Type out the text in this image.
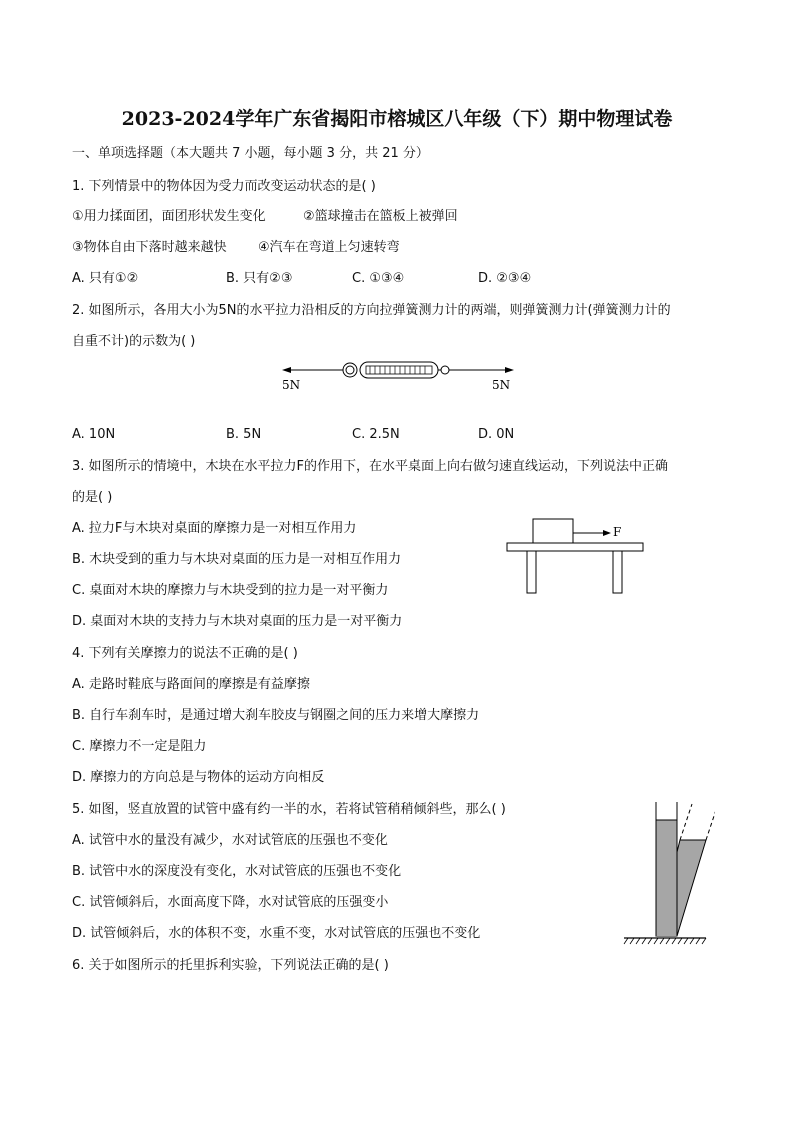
2023-2024学年广东省揭阳市榕城区八年级（下）期中物理试卷
一、单项选择题（本大题共 7 小题，每小题 3 分，共 21 分）
1. 下列情景中的物体因为受力而改变运动状态的是( )
①用力揉面团，面团形状发生变化	②篮球撞击在篮板上被弹回
③物体自由下落时越来越快 ④汽车在弯道上匀速转弯
A. 只有①②	B. 只有②③	C. ①③④	D. ②③④
2. 如图所示，各用大小为5N的水平拉力沿相反的方向拉弹簧测力计的两端，则弹簧测力计(弹簧测力计的
自重不计)的示数为( )
5N	5N
A. 10N	B. 5N	C. 2.5N	D. 0N
3. 如图所示的情境中，木块在水平拉力F的作用下，在水平桌面上向右做匀速直线运动，下列说法中正确
的是( )
A. 拉力F与木块对桌面的摩擦力是一对相互作用力
B. 木块受到的重力与木块对桌面的压力是一对相互作用力
C. 桌面对木块的摩擦力与木块受到的拉力是一对平衡力
D. 桌面对木块的支持力与木块对桌面的压力是一对平衡力
F
4. 下列有关摩擦力的说法不正确的是( )
A. 走路时鞋底与路面间的摩擦是有益摩擦
B. 自行车刹车时，是通过增大刹车胶皮与钢圈之间的压力来增大摩擦力
C. 摩擦力不一定是阻力
D. 摩擦力的方向总是与物体的运动方向相反
5. 如图，竖直放置的试管中盛有约一半的水，若将试管稍稍倾斜些，那么( )
A. 试管中水的量没有减少，水对试管底的压强也不变化
B. 试管中水的深度没有变化，水对试管底的压强也不变化
C. 试管倾斜后，水面高度下降，水对试管底的压强变小
D. 试管倾斜后，水的体积不变，水重不变，水对试管底的压强也不变化
6. 关于如图所示的托里拆利实验，下列说法正确的是( )
